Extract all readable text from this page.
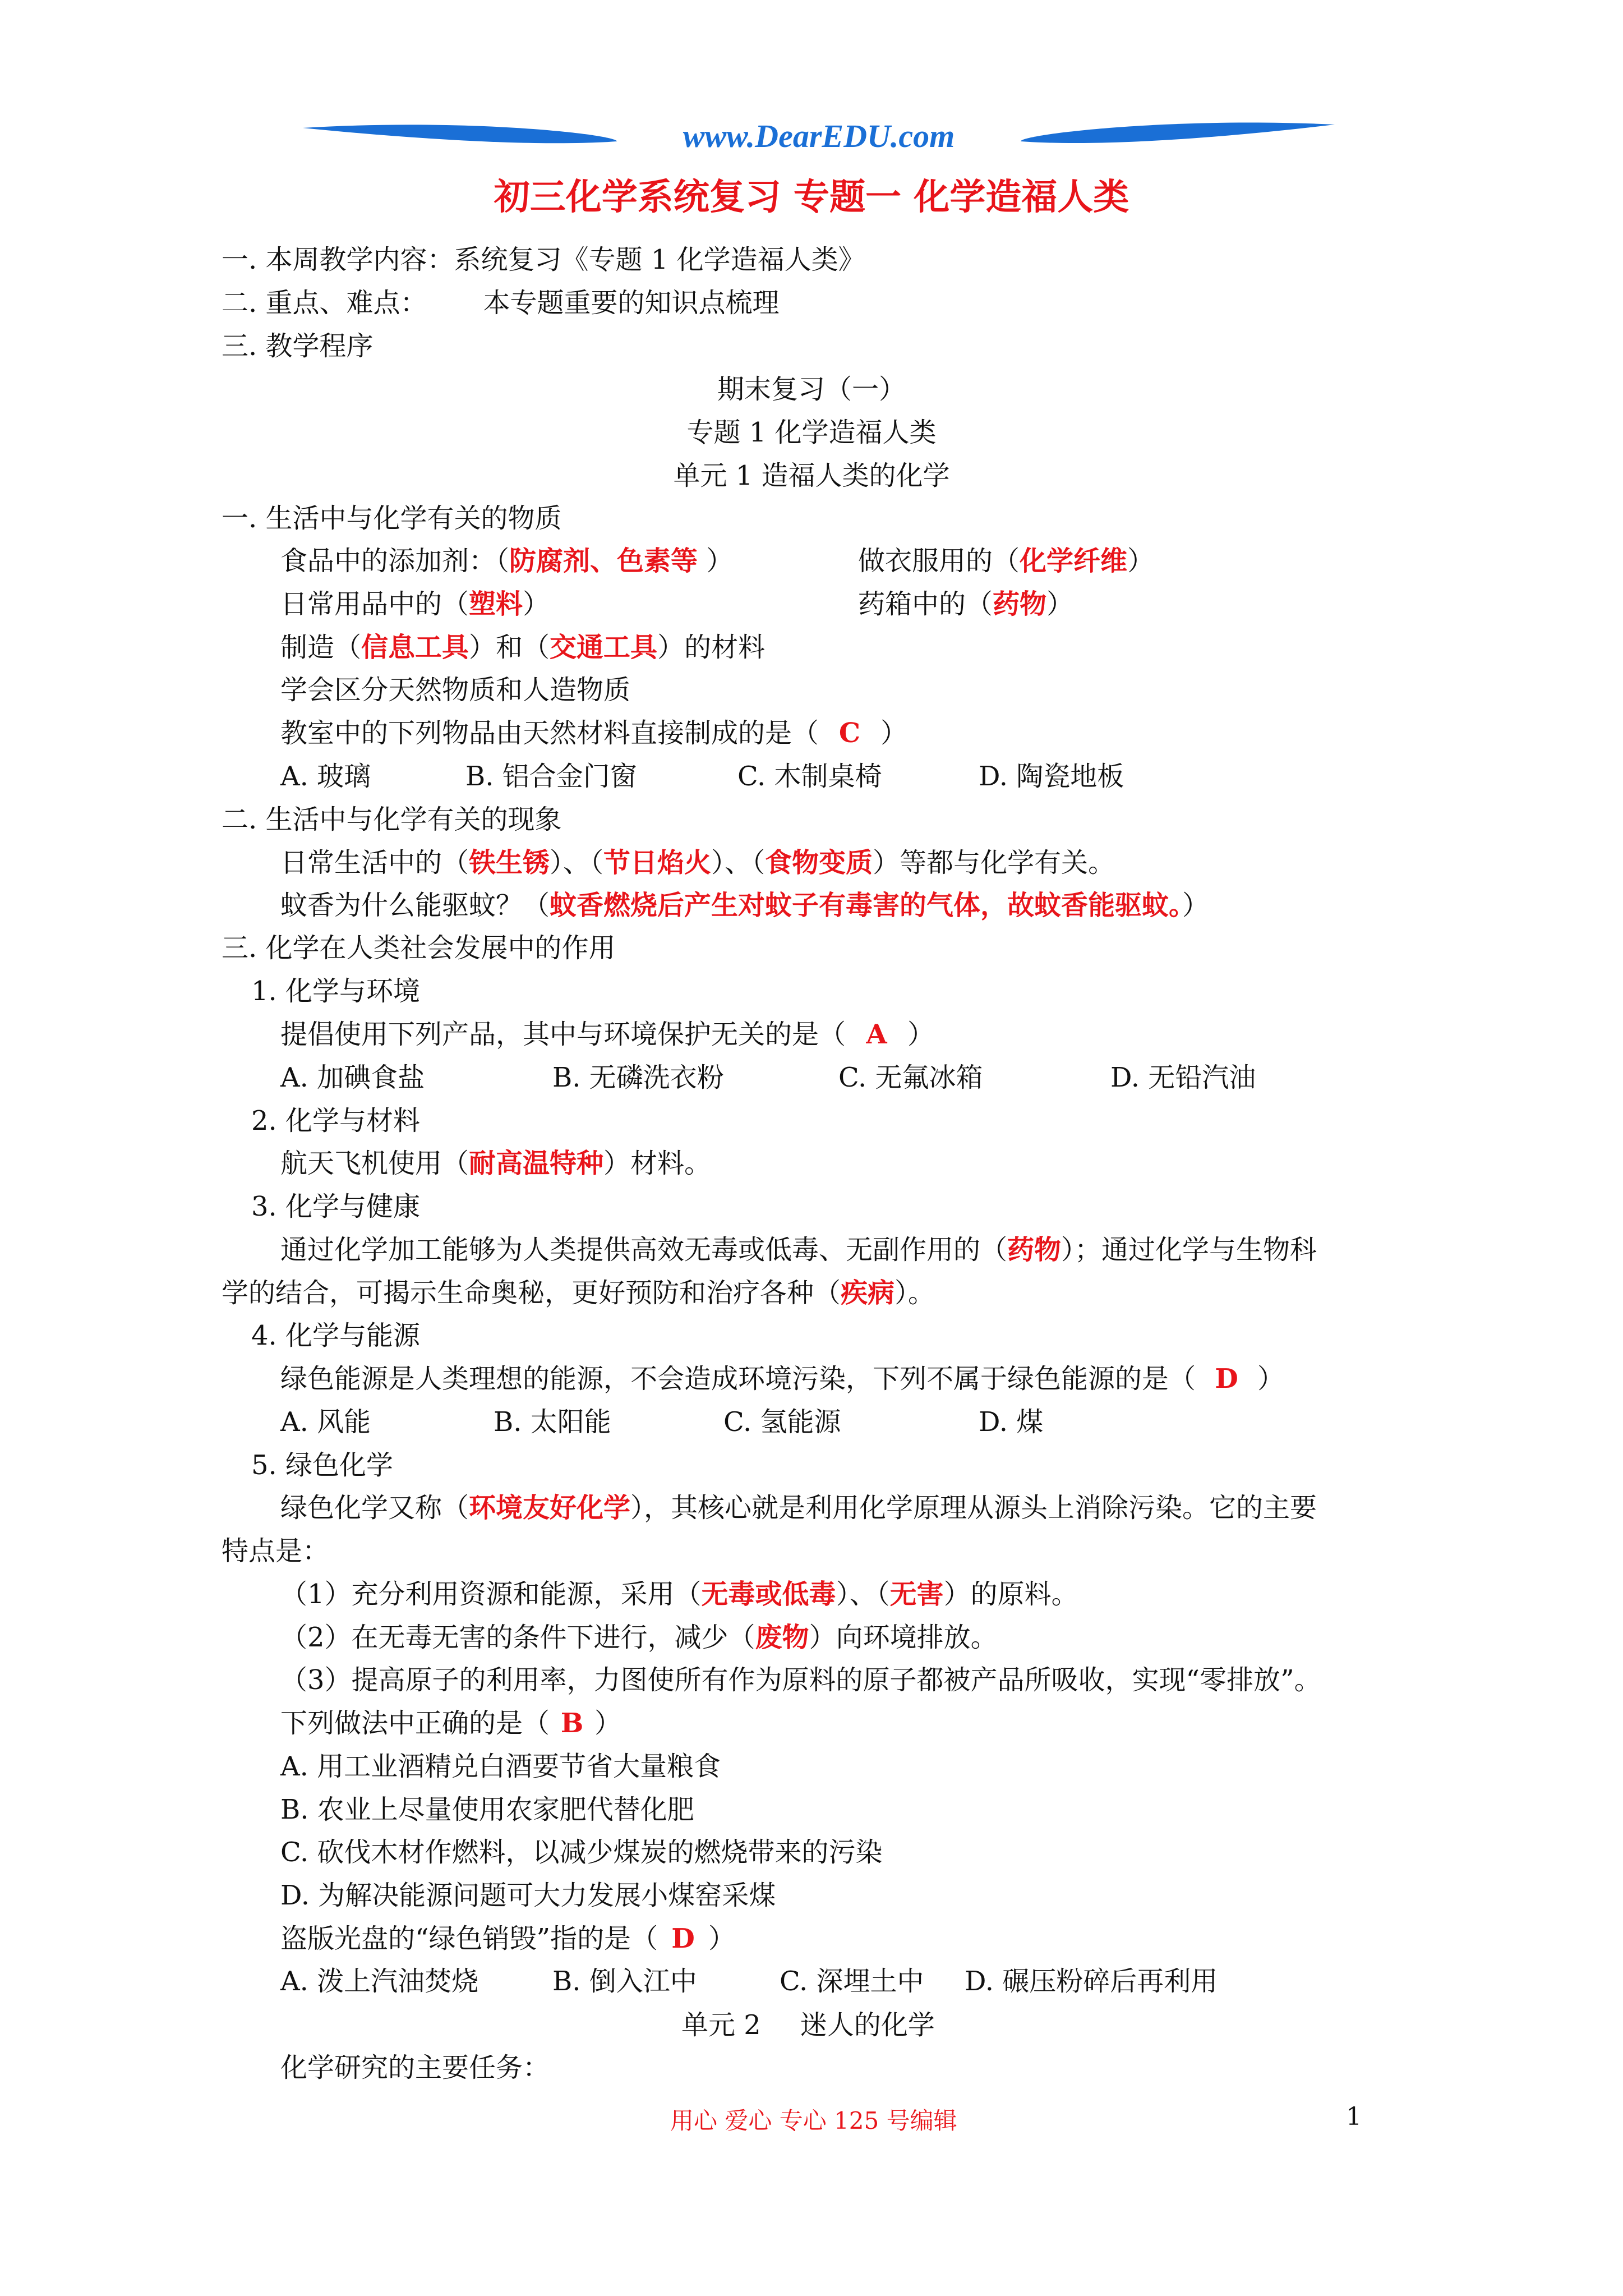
www.DearEDU.com
初三化学系统复习 专题一 化学造福人类
一. 本周教学内容：系统复习《专题 1 化学造福人类》
二. 重点、难点： 本专题重要的知识点梳理
三. 教学程序
期末复习（一）
专题 1 化学造福人类
单元 1 造福人类的化学
一. 生活中与化学有关的物质
食品中的添加剂：（防腐剂、色素等 ）	做衣服用的（化学纤维）
日常用品中的（塑料）	药箱中的（药物）
制造（信息工具）和（交通工具）的材料
学会区分天然物质和人造物质
教室中的下列物品由天然材料直接制成的是（ C ）
A. 玻璃	B. 铝合金门窗	C. 木制桌椅	D. 陶瓷地板
二. 生活中与化学有关的现象
日常生活中的（铁生锈）、（节日焰火）、（食物变质）等都与化学有关。
蚊香为什么能驱蚊？（蚊香燃烧后产生对蚊子有毒害的气体，故蚊香能驱蚊。）
三. 化学在人类社会发展中的作用
1. 化学与环境
提倡使用下列产品，其中与环境保护无关的是（ A ）
A. 加碘食盐	B. 无磷洗衣粉	C. 无氟冰箱	D. 无铅汽油
2. 化学与材料
航天飞机使用（耐高温特种）材料。
3. 化学与健康
通过化学加工能够为人类提供高效无毒或低毒、无副作用的（药物）；通过化学与生物科
学的结合，可揭示生命奥秘，更好预防和治疗各种（疾病）。
4. 化学与能源
绿色能源是人类理想的能源，不会造成环境污染，下列不属于绿色能源的是（ D ）
A. 风能	B. 太阳能	C. 氢能源	D. 煤
5. 绿色化学
绿色化学又称（环境友好化学），其核心就是利用化学原理从源头上消除污染。它的主要
特点是：
（1）充分利用资源和能源，采用（无毒或低毒）、（无害）的原料。
（2）在无毒无害的条件下进行，减少（废物）向环境排放。
（3）提高原子的利用率，力图使所有作为原料的原子都被产品所吸收，实现“零排放”。
下列做法中正确的是（ B ）
A. 用工业酒精兑白酒要节省大量粮食
B. 农业上尽量使用农家肥代替化肥
C. 砍伐木材作燃料，以减少煤炭的燃烧带来的污染
D. 为解决能源问题可大力发展小煤窑采煤
盗版光盘的“绿色销毁”指的是（ D ）
A. 泼上汽油焚烧	B. 倒入江中	C. 深埋土中 D. 碾压粉碎后再利用
单元 2 迷人的化学
化学研究的主要任务：
用心 爱心 专心 125 号编辑	1
